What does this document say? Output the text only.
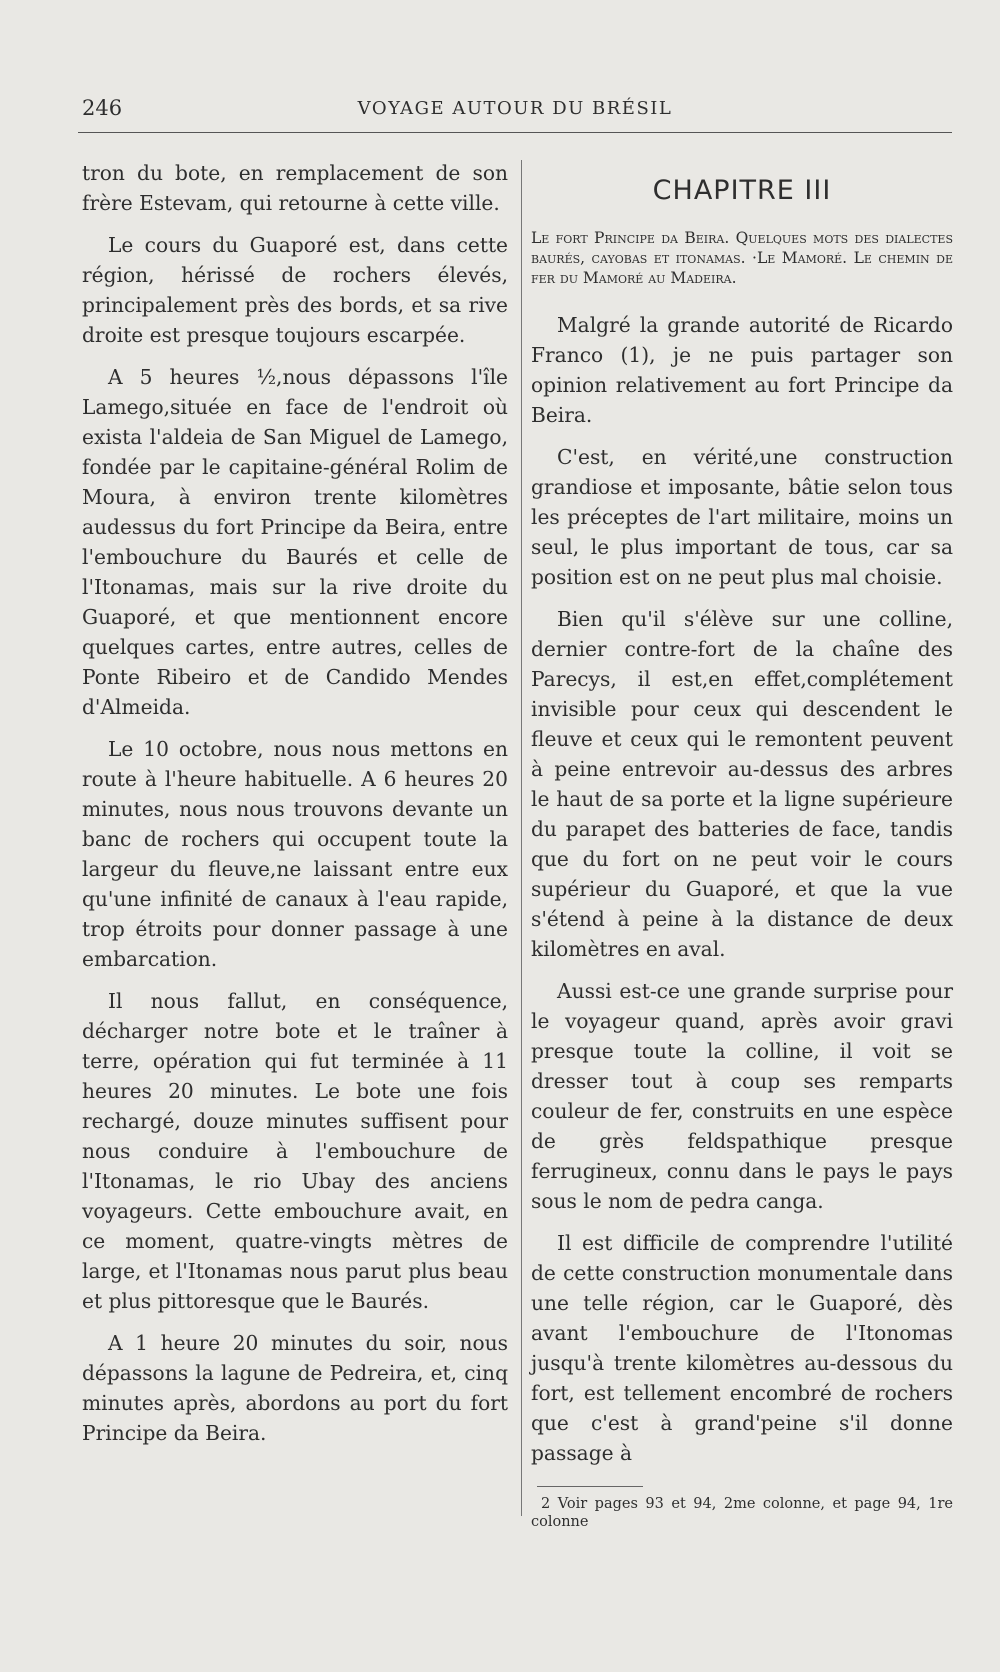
246	VOYAGE AUTOUR DU BRÉSIL

tron du bote, en remplacement de son frère Estevam, qui retourne à cette ville.

Le cours du Guaporé est, dans cette région, hérissé de rochers élevés, principalement près des bords, et sa rive droite est presque toujours escarpée.

A 5 heures ½,nous dépassons l'île Lamego,située en face de l'endroit où exista l'aldeia de San Miguel de Lamego, fondée par le capitaine-général Rolim de Moura, à environ trente kilomètres audessus du fort Principe da Beira, entre l'embouchure du Baurés et celle de l'Itonamas, mais sur la rive droite du Guaporé, et que mentionnent encore quelques cartes, entre autres, celles de Ponte Ribeiro et de Candido Mendes d'Almeida.

Le 10 octobre, nous nous mettons en route à l'heure habituelle. A 6 heures 20 minutes, nous nous trouvons devante un banc de rochers qui occupent toute la largeur du fleuve,ne laissant entre eux qu'une infinité de canaux à l'eau rapide, trop étroits pour donner passage à une embarcation.

Il nous fallut, en conséquence, décharger notre bote et le traîner à terre, opération qui fut terminée à 11 heures 20 minutes. Le bote une fois rechargé, douze minutes suffisent pour nous conduire à l'embouchure de l'Itonamas, le rio Ubay des anciens voyageurs. Cette embouchure avait, en ce moment, quatre-vingts mètres de large, et l'Itonamas nous parut plus beau et plus pittoresque que le Baurés.

A 1 heure 20 minutes du soir, nous dépassons la lagune de Pedreira, et, cinq minutes après, abordons au port du fort Principe da Beira.

CHAPITRE III

Le fort Principe da Beira. Quelques mots des dialectes baurés, cayobas et itonamas. ·Le Mamoré. Le chemin de fer du Mamoré au Madeira.

Malgré la grande autorité de Ricardo Franco (1), je ne puis partager son opinion relativement au fort Principe da Beira.

C'est, en vérité,une construction grandiose et imposante, bâtie selon tous les préceptes de l'art militaire, moins un seul, le plus important de tous, car sa position est on ne peut plus mal choisie.

Bien qu'il s'élève sur une colline, dernier contre-fort de la chaîne des Parecys, il est,en effet,complétement invisible pour ceux qui descendent le fleuve et ceux qui le remontent peuvent à peine entrevoir au-dessus des arbres le haut de sa porte et la ligne supérieure du parapet des batteries de face, tandis que du fort on ne peut voir le cours supérieur du Guaporé, et que la vue s'étend à peine à la distance de deux kilomètres en aval.

Aussi est-ce une grande surprise pour le voyageur quand, après avoir gravi presque toute la colline, il voit se dresser tout à coup ses remparts couleur de fer, construits en une espèce de grès feldspathique presque ferrugineux, connu dans le pays le pays sous le nom de pedra canga.

Il est difficile de comprendre l'utilité de cette construction monumentale dans une telle région, car le Guaporé, dès avant l'embouchure de l'Itonomas jusqu'à trente kilomètres au-dessous du fort, est tellement encombré de rochers que c'est à grand'peine s'il donne passage à

2 Voir pages 93 et 94, 2me colonne, et page 94, 1re colonne
